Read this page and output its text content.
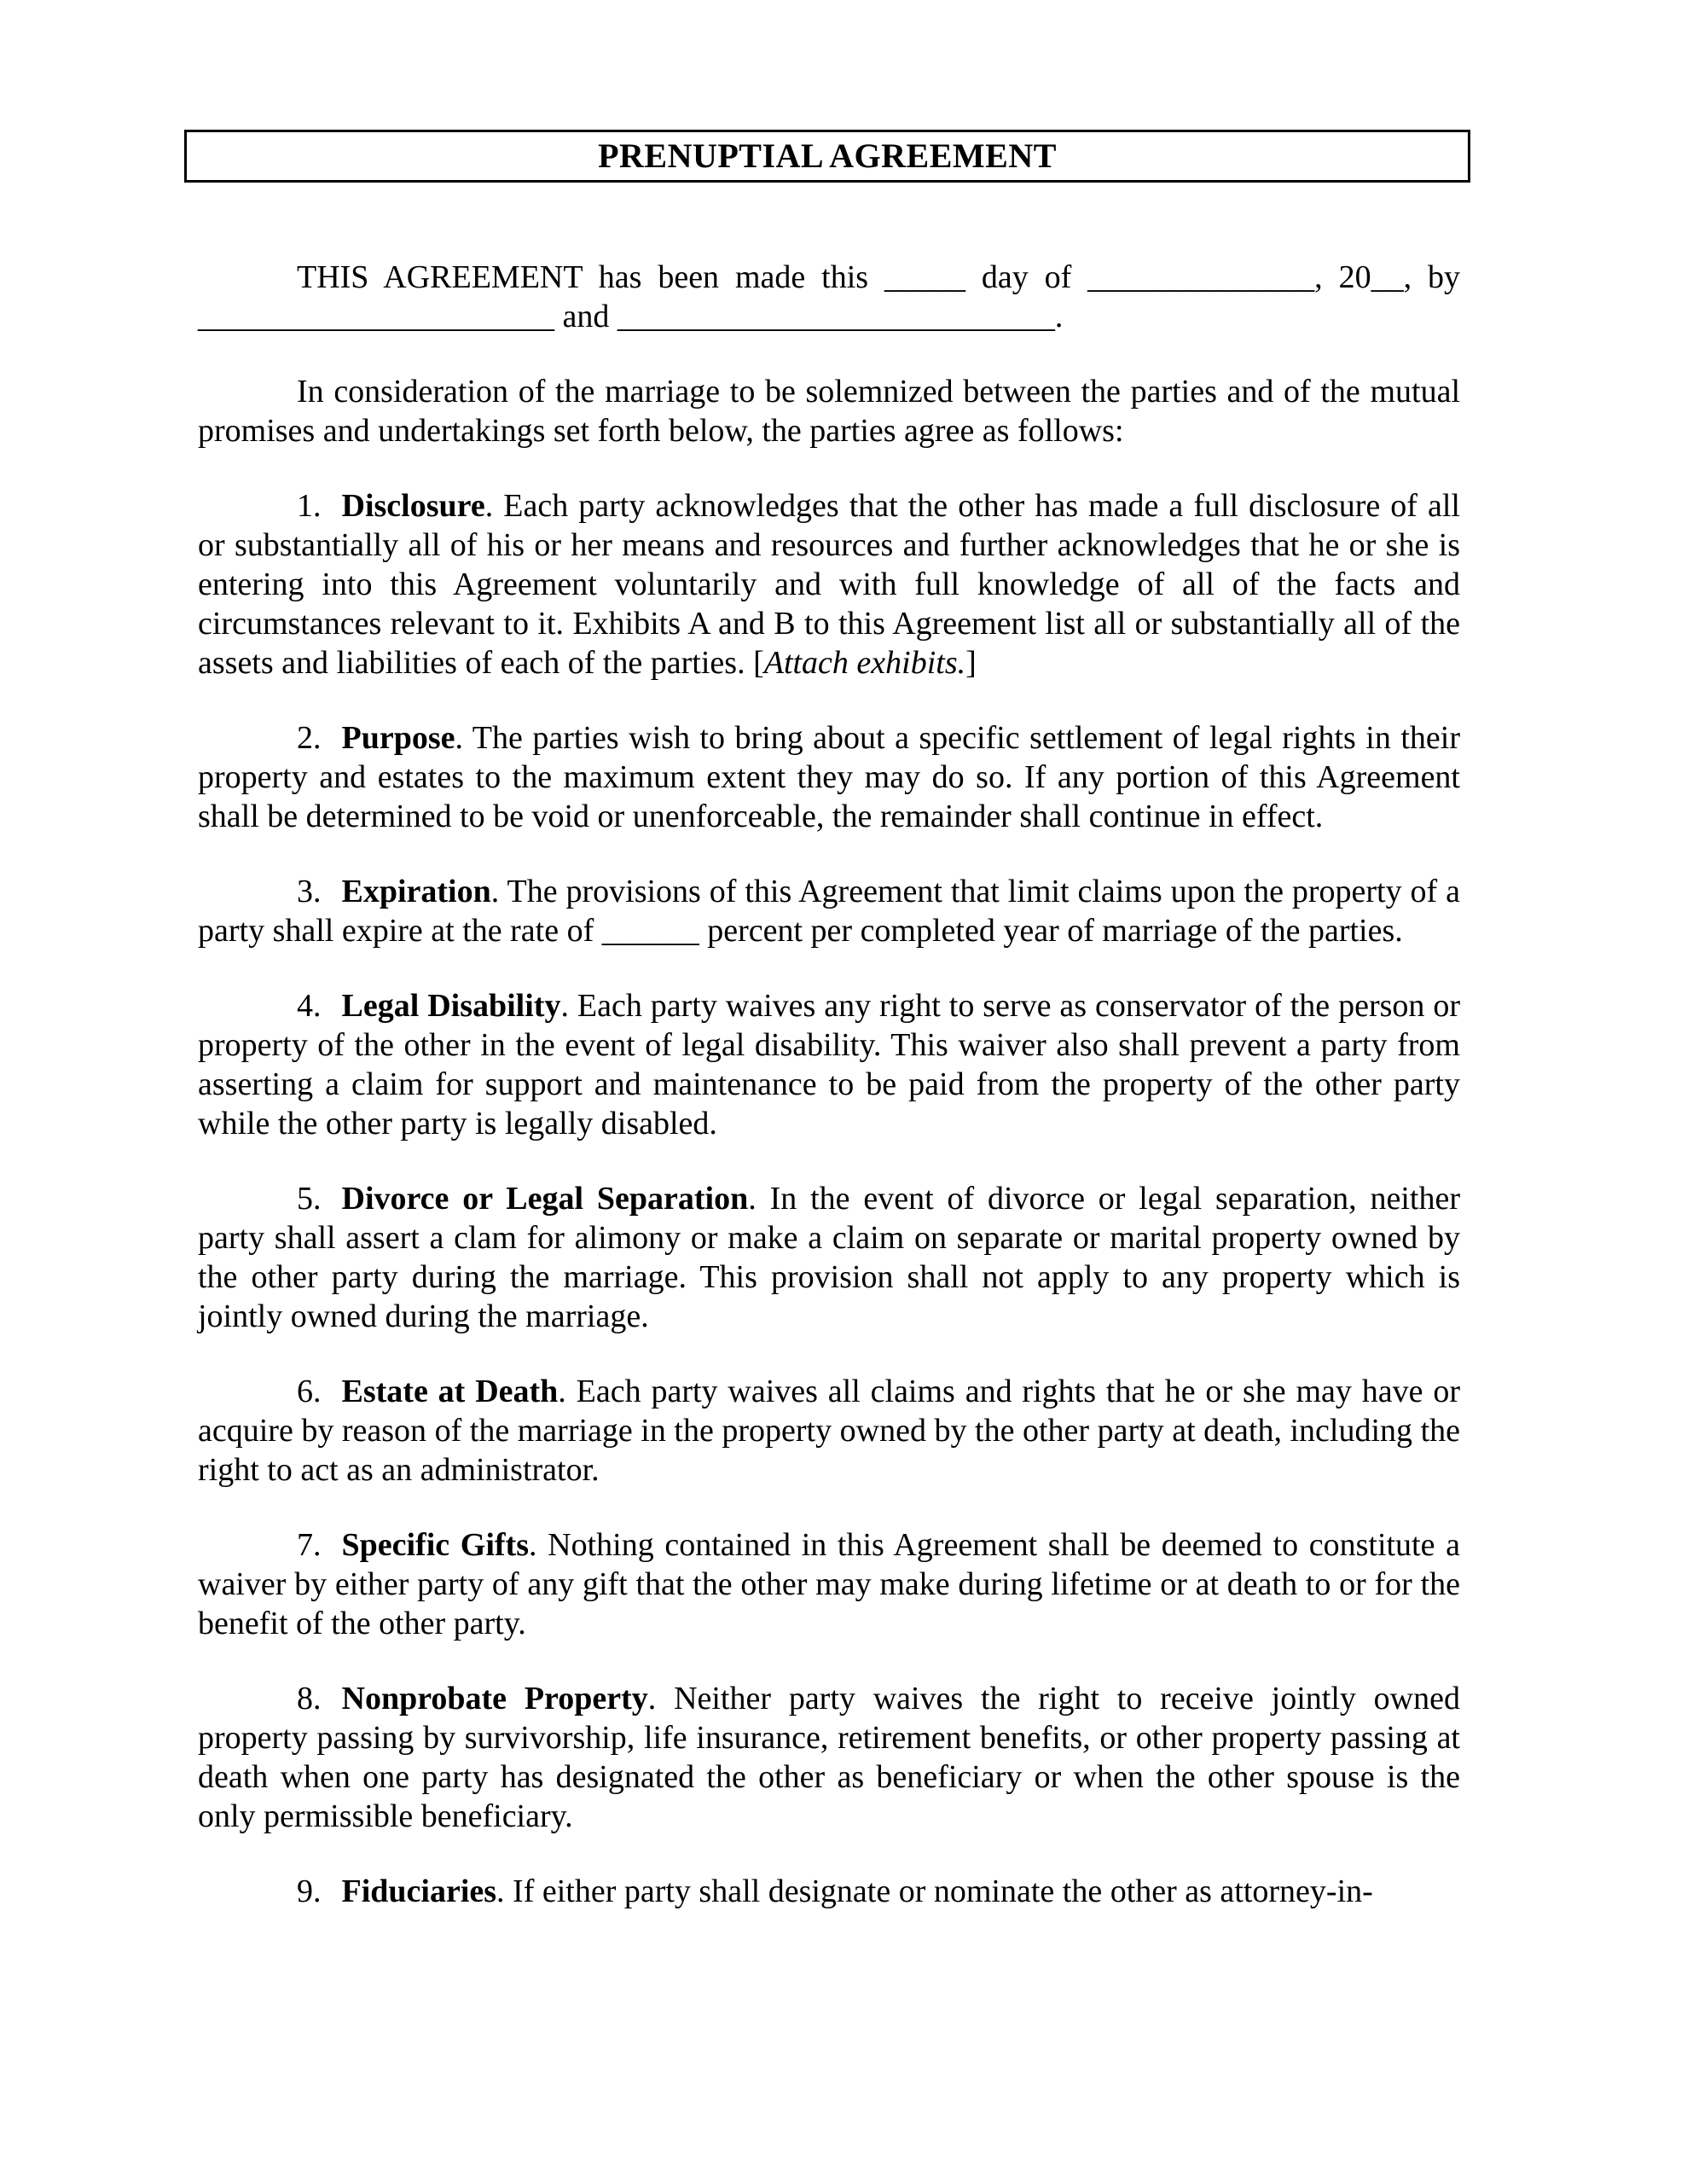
PRENUPTIAL AGREEMENT

THIS AGREEMENT has been made this _____ day of ______________, 20__, by ______________________ and ___________________________.

In consideration of the marriage to be solemnized between the parties and of the mutual promises and undertakings set forth below, the parties agree as follows:

1. Disclosure. Each party acknowledges that the other has made a full disclosure of all or substantially all of his or her means and resources and further acknowledges that he or she is entering into this Agreement voluntarily and with full knowledge of all of the facts and circumstances relevant to it. Exhibits A and B to this Agreement list all or substantially all of the assets and liabilities of each of the parties. [Attach exhibits.]

2. Purpose. The parties wish to bring about a specific settlement of legal rights in their property and estates to the maximum extent they may do so. If any portion of this Agreement shall be determined to be void or unenforceable, the remainder shall continue in effect.

3. Expiration. The provisions of this Agreement that limit claims upon the property of a party shall expire at the rate of ______ percent per completed year of marriage of the parties.

4. Legal Disability. Each party waives any right to serve as conservator of the person or property of the other in the event of legal disability. This waiver also shall prevent a party from asserting a claim for support and maintenance to be paid from the property of the other party while the other party is legally disabled.

5. Divorce or Legal Separation. In the event of divorce or legal separation, neither party shall assert a clam for alimony or make a claim on separate or marital property owned by the other party during the marriage. This provision shall not apply to any property which is jointly owned during the marriage.

6. Estate at Death. Each party waives all claims and rights that he or she may have or acquire by reason of the marriage in the property owned by the other party at death, including the right to act as an administrator.

7. Specific Gifts. Nothing contained in this Agreement shall be deemed to constitute a waiver by either party of any gift that the other may make during lifetime or at death to or for the benefit of the other party.

8. Nonprobate Property. Neither party waives the right to receive jointly owned property passing by survivorship, life insurance, retirement benefits, or other property passing at death when one party has designated the other as beneficiary or when the other spouse is the only permissible beneficiary.

9. Fiduciaries. If either party shall designate or nominate the other as attorney-in-
